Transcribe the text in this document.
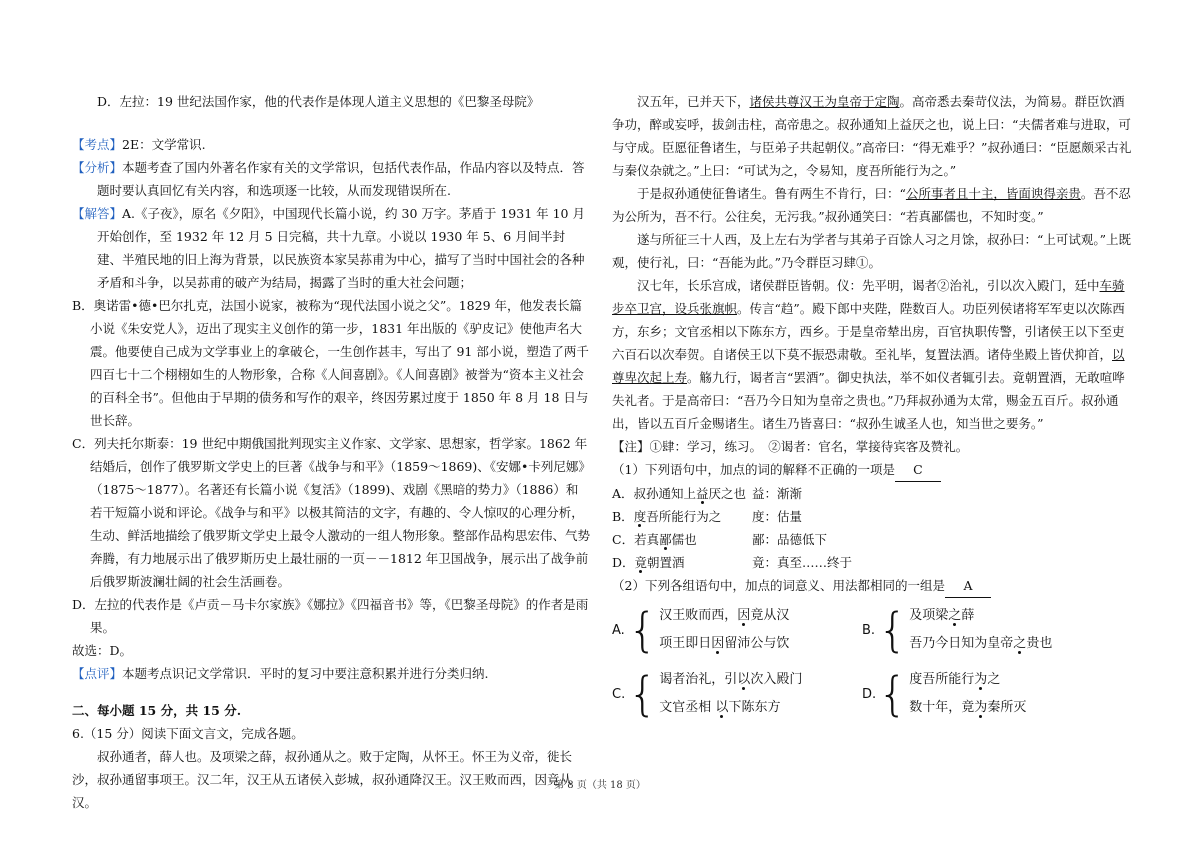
D．左拉：19 世纪法国作家，他的代表作是体现人道主义思想的《巴黎圣母院》

【考点】2E：文学常识.

【分析】本题考查了国内外著名作家有关的文学常识，包括代表作品，作品内容以及特点．答题时要认真回忆有关内容，和选项逐一比较，从而发现错误所在.

【解答】A.《子夜》，原名《夕阳》，中国现代长篇小说，约 30 万字。茅盾于 1931 年 10 月开始创作，至 1932 年 12 月 5 日完稿，共十九章。小说以 1930 年 5、6 月间半封建、半殖民地的旧上海为背景，以民族资本家吴荪甫为中心，描写了当时中国社会的各种矛盾和斗争，以吴荪甫的破产为结局，揭露了当时的重大社会问题；

B．奥诺雷•德•巴尔扎克，法国小说家，被称为“现代法国小说之父”。1829 年，他发表长篇小说《朱安党人》，迈出了现实主义创作的第一步，1831 年出版的《驴皮记》使他声名大震。他要使自己成为文学事业上的拿破仑，一生创作甚丰，写出了 91 部小说，塑造了两千四百七十二个栩栩如生的人物形象，合称《人间喜剧》。《人间喜剧》被誉为“资本主义社会的百科全书”。但他由于早期的债务和写作的艰辛，终因劳累过度于 1850 年 8 月 18 日与世长辞。

C．列夫托尔斯泰：19 世纪中期俄国批判现实主义作家、文学家、思想家，哲学家。1862 年结婚后，创作了俄罗斯文学史上的巨著《战争与和平》（1859～1869)、《安娜•卡列尼娜》（1875～1877）。名著还有长篇小说《复活》（1899)、戏剧《黑暗的势力》（1886）和若干短篇小说和评论。《战争与和平》以极其简洁的文字，有趣的、令人惊叹的心理分析，生动、鲜活地描绘了俄罗斯文学史上最令人激动的一组人物形象。整部作品构思宏伟、气势奔腾，有力地展示出了俄罗斯历史上最壮丽的一页－－1812 年卫国战争，展示出了战争前后俄罗斯波澜壮阔的社会生活画卷。

D．左拉的代表作是《卢贡－马卡尔家族》《娜拉》《四福音书》等，《巴黎圣母院》的作者是雨果。

故选：D。

【点评】本题考点识记文学常识．平时的复习中要注意积累并进行分类归纳.

二、每小题 15 分，共 15 分.

6.（15 分）阅读下面文言文，完成各题。

叔孙通者，薛人也。及项梁之薛，叔孙通从之。败于定陶，从怀王。怀王为义帝，徙长沙，叔孙通留事项王。汉二年，汉王从五诸侯入彭城，叔孙通降汉王。汉王败而西，因竟从汉。

汉五年，已并天下，诸侯共尊汉王为皇帝于定陶。高帝悉去秦苛仪法，为简易。群臣饮酒争功，醉或妄呼，拔剑击柱，高帝患之。叔孙通知上益厌之也，说上曰：“夫儒者难与进取，可与守成。臣愿征鲁诸生，与臣弟子共起朝仪。”高帝曰：“得无难乎？”叔孙通曰：“臣愿颇采古礼与秦仪杂就之。”上曰：“可试为之，令易知，度吾所能行为之。”

于是叔孙通使征鲁诸生。鲁有两生不肯行，曰：“公所事者且十主，皆面谀得亲贵。吾不忍为公所为，吾不行。公往矣，无污我。”叔孙通笑曰：“若真鄙儒也，不知时变。”

遂与所征三十人西，及上左右为学者与其弟子百馀人习之月馀，叔孙曰：“上可试观。”上既观，使行礼，曰：“吾能为此。”乃令群臣习肆①。

汉七年，长乐宫成，诸侯群臣皆朝。仪：先平明，谒者②治礼，引以次入殿门，廷中车骑步卒卫宫，设兵张旗帜。传言“趋”。殿下郎中夹陛，陛数百人。功臣列侯诸将军军吏以次陈西方，东乡；文官丞相以下陈东方，西乡。于是皇帝辇出房，百官执职传警，引诸侯王以下至吏六百石以次奉贺。自诸侯王以下莫不振恐肃敬。至礼毕，复置法酒。诸侍坐殿上皆伏抑首，以尊卑次起上寿。觞九行，谒者言“罢酒”。御史执法，举不如仪者辄引去。竟朝置酒，无敢喧哗失礼者。于是高帝曰：“吾乃今日知为皇帝之贵也。”乃拜叔孙通为太常，赐金五百斤。叔孙通出，皆以五百斤金赐诸生。诸生乃皆喜曰：“叔孙生诚圣人也，知当世之要务。”

【注】①肆：学习，练习。　②谒者：官名，掌接待宾客及赞礼。

（1）下列语句中，加点的词的解释不正确的一项是 C

A．叔孙通知上益厌之也 益：渐渐
B．度吾所能行为之	度：估量
C．若真鄙儒也	鄙：品德低下
D．竟朝置酒	竟：真至……终于

（2）下列各组语句中，加点的词意义、用法都相同的一组是 A

A. { 汉王败而西，因竟从汉
项王即日因留沛公与饮
B. { 及项梁之薛
吾乃今日知为皇帝之贵也
C. { 谒者治礼，引以次入殿门
文官丞相 以下陈东方
D. { 度吾所能行为之
数十年，竟为秦所灭
第 8 页（共 18 页）
